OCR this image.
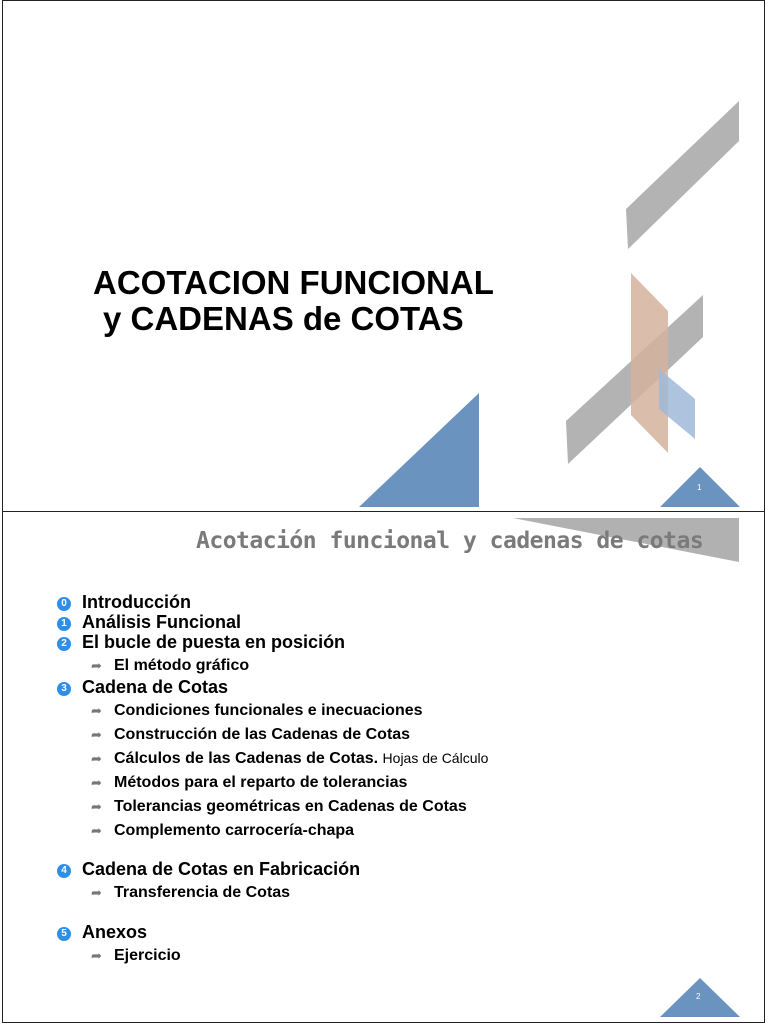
ACOTACION FUNCIONAL
y CADENAS de COTAS
1
Acotación funcional y cadenas de cotas
0 Introducción
1 Análisis Funcional
2 El bucle de puesta en posición
➦ El método gráfico
3 Cadena de Cotas
➦ Condiciones funcionales e inecuaciones
➦ Construcción de las Cadenas de Cotas
➦ Cálculos de las Cadenas de Cotas. Hojas de Cálculo
➦ Métodos para el reparto de tolerancias
➦ Tolerancias geométricas en Cadenas de Cotas
➦ Complemento carrocería-chapa
4 Cadena de Cotas en Fabricación
➦ Transferencia de Cotas
5 Anexos
➦ Ejercicio
2
